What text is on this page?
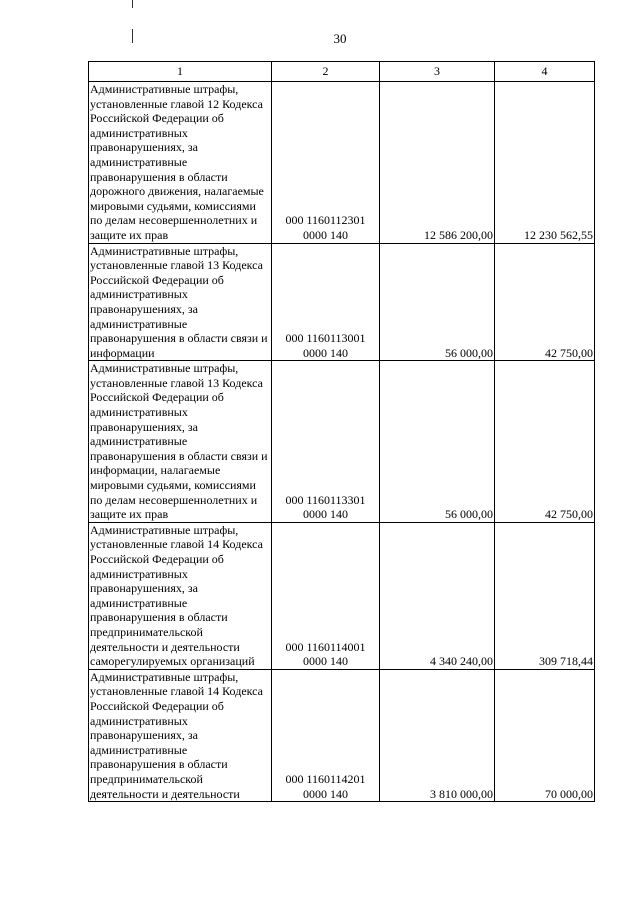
30
1	2	3	4
Административные штрафы, установленные главой 12 Кодекса Российской Федерации об административных правонарушениях, за административные правонарушения в области дорожного движения, налагаемые мировыми судьями, комиссиями по делам несовершеннолетних и защите их прав	000 1160112301 0000 140	12 586 200,00	12 230 562,55
Административные штрафы, установленные главой 13 Кодекса Российской Федерации об административных правонарушениях, за административные правонарушения в области связи и информации	000 1160113001 0000 140	56 000,00	42 750,00
Административные штрафы, установленные главой 13 Кодекса Российской Федерации об административных правонарушениях, за административные правонарушения в области связи и информации, налагаемые мировыми судьями, комиссиями по делам несовершеннолетних и защите их прав	000 1160113301 0000 140	56 000,00	42 750,00
Административные штрафы, установленные главой 14 Кодекса Российской Федерации об административных правонарушениях, за административные правонарушения в области предпринимательской деятельности и деятельности саморегулируемых организаций	000 1160114001 0000 140	4 340 240,00	309 718,44
Административные штрафы, установленные главой 14 Кодекса Российской Федерации об административных правонарушениях, за административные правонарушения в области предпринимательской деятельности и деятельности	000 1160114201 0000 140	3 810 000,00	70 000,00
